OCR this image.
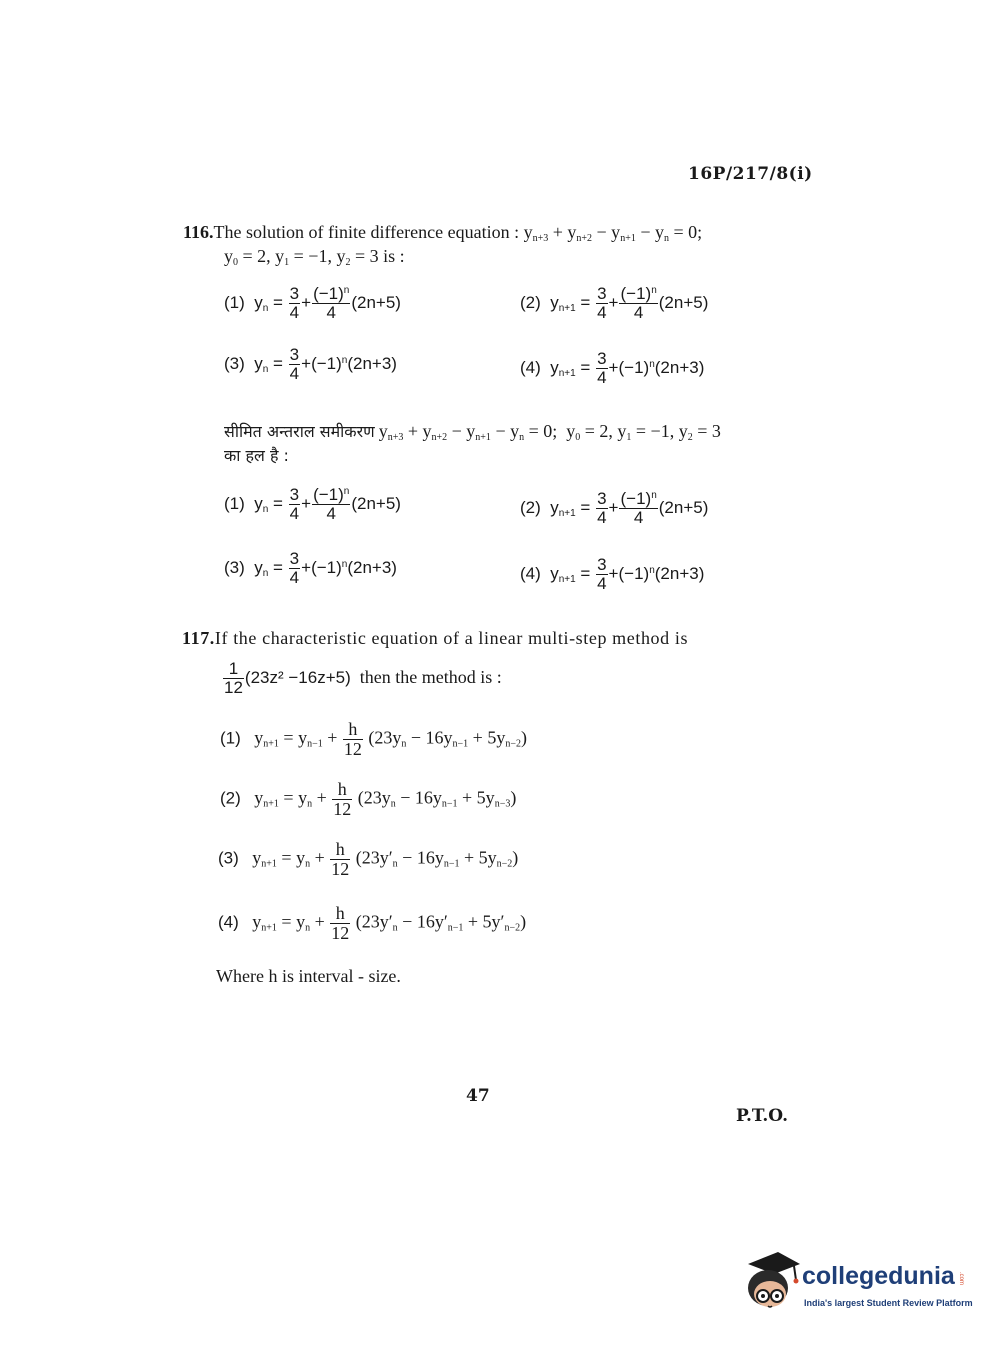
16P/217/8(i)
116.The solution of finite difference equation : $y_{n+3} + y_{n+2} - y_{n+1} - y_n = 0$;
$y_0 = 2$, $y_1 = -1$, $y_2 = 3$ is :
(1)  $y_n = \frac{3}{4} + \frac{(-1)^n}{4} (2n+5)$	(2)  $y_{n+1} = \frac{3}{4} + \frac{(-1)^n}{4} (2n+5)$
(3)  $y_n = \frac{3}{4} +(-1)^n(2n+3)$	(4)  $y_{n+1} = \frac{3}{4} +(-1)^n(2n+3)$
सीमित अन्तराल समीकरण $y_{n+3} + y_{n+2} - y_{n+1} - y_n = 0$;  $y_0 = 2$, $y_1 = -1$, $y_2 = 3$
का हल है :
(1)  $y_n = \frac{3}{4} + \frac{(-1)^n}{4} (2n+5)$	(2)  $y_{n+1} = \frac{3}{4} + \frac{(-1)^n}{4} (2n+5)$
(3)  $y_n = \frac{3}{4} +(-1)^n(2n+3)$	(4)  $y_{n+1} = \frac{3}{4} +(-1)^n(2n+3)$
117.If the characteristic equation of a linear multi-step method is
$\frac{1}{12} (23z^2 -16z+5)$ then the method is :
(1)   $y_{n+1} = y_{n-1} + \frac{h}{12} (23y_n - 16y_{n-1} + 5y_{n-2})$
(2)   $y_{n+1} = y_n + \frac{h}{12} (23y_n - 16y_{n-1} + 5y_{n-3})$
(3)   $y_{n+1} = y_n + \frac{h}{12} (23y'_n - 16y_{n-1} + 5y_{n-2})$
(4)   $y_{n+1} = y_n + \frac{h}{12} (23y'_n - 16y'_{n-1} + 5y'_{n-2})$
Where h is interval - size.
47
P.T.O.
collegedunia .com
India's largest Student Review Platform
